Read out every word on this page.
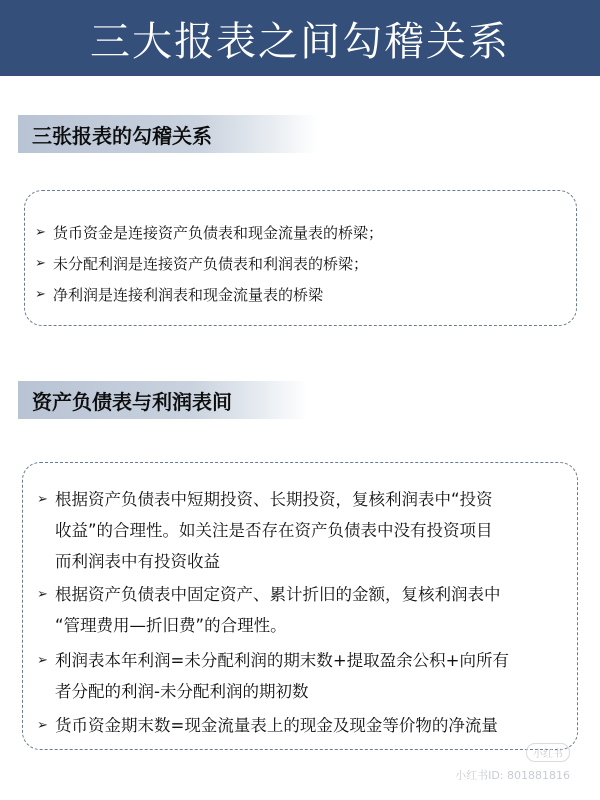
三大报表之间勾稽关系
三张报表的勾稽关系
➢ 货币资金是连接资产负债表和现金流量表的桥梁；
➢ 未分配利润是连接资产负债表和利润表的桥梁；
➢ 净利润是连接利润表和现金流量表的桥梁
资产负债表与利润表间
➢ 根据资产负债表中短期投资、长期投资，复核利润表中“投资
收益”的合理性。如关注是否存在资产负债表中没有投资项目
而利润表中有投资收益
➢ 根据资产负债表中固定资产、累计折旧的金额，复核利润表中
“管理费用—折旧费”的合理性。
➢ 利润表本年利润=未分配利润的期末数+提取盈余公积+向所有
者分配的利润-未分配利润的期初数
➢ 货币资金期末数=现金流量表上的现金及现金等价物的净流量
小红书
小红书ID: 801881816
